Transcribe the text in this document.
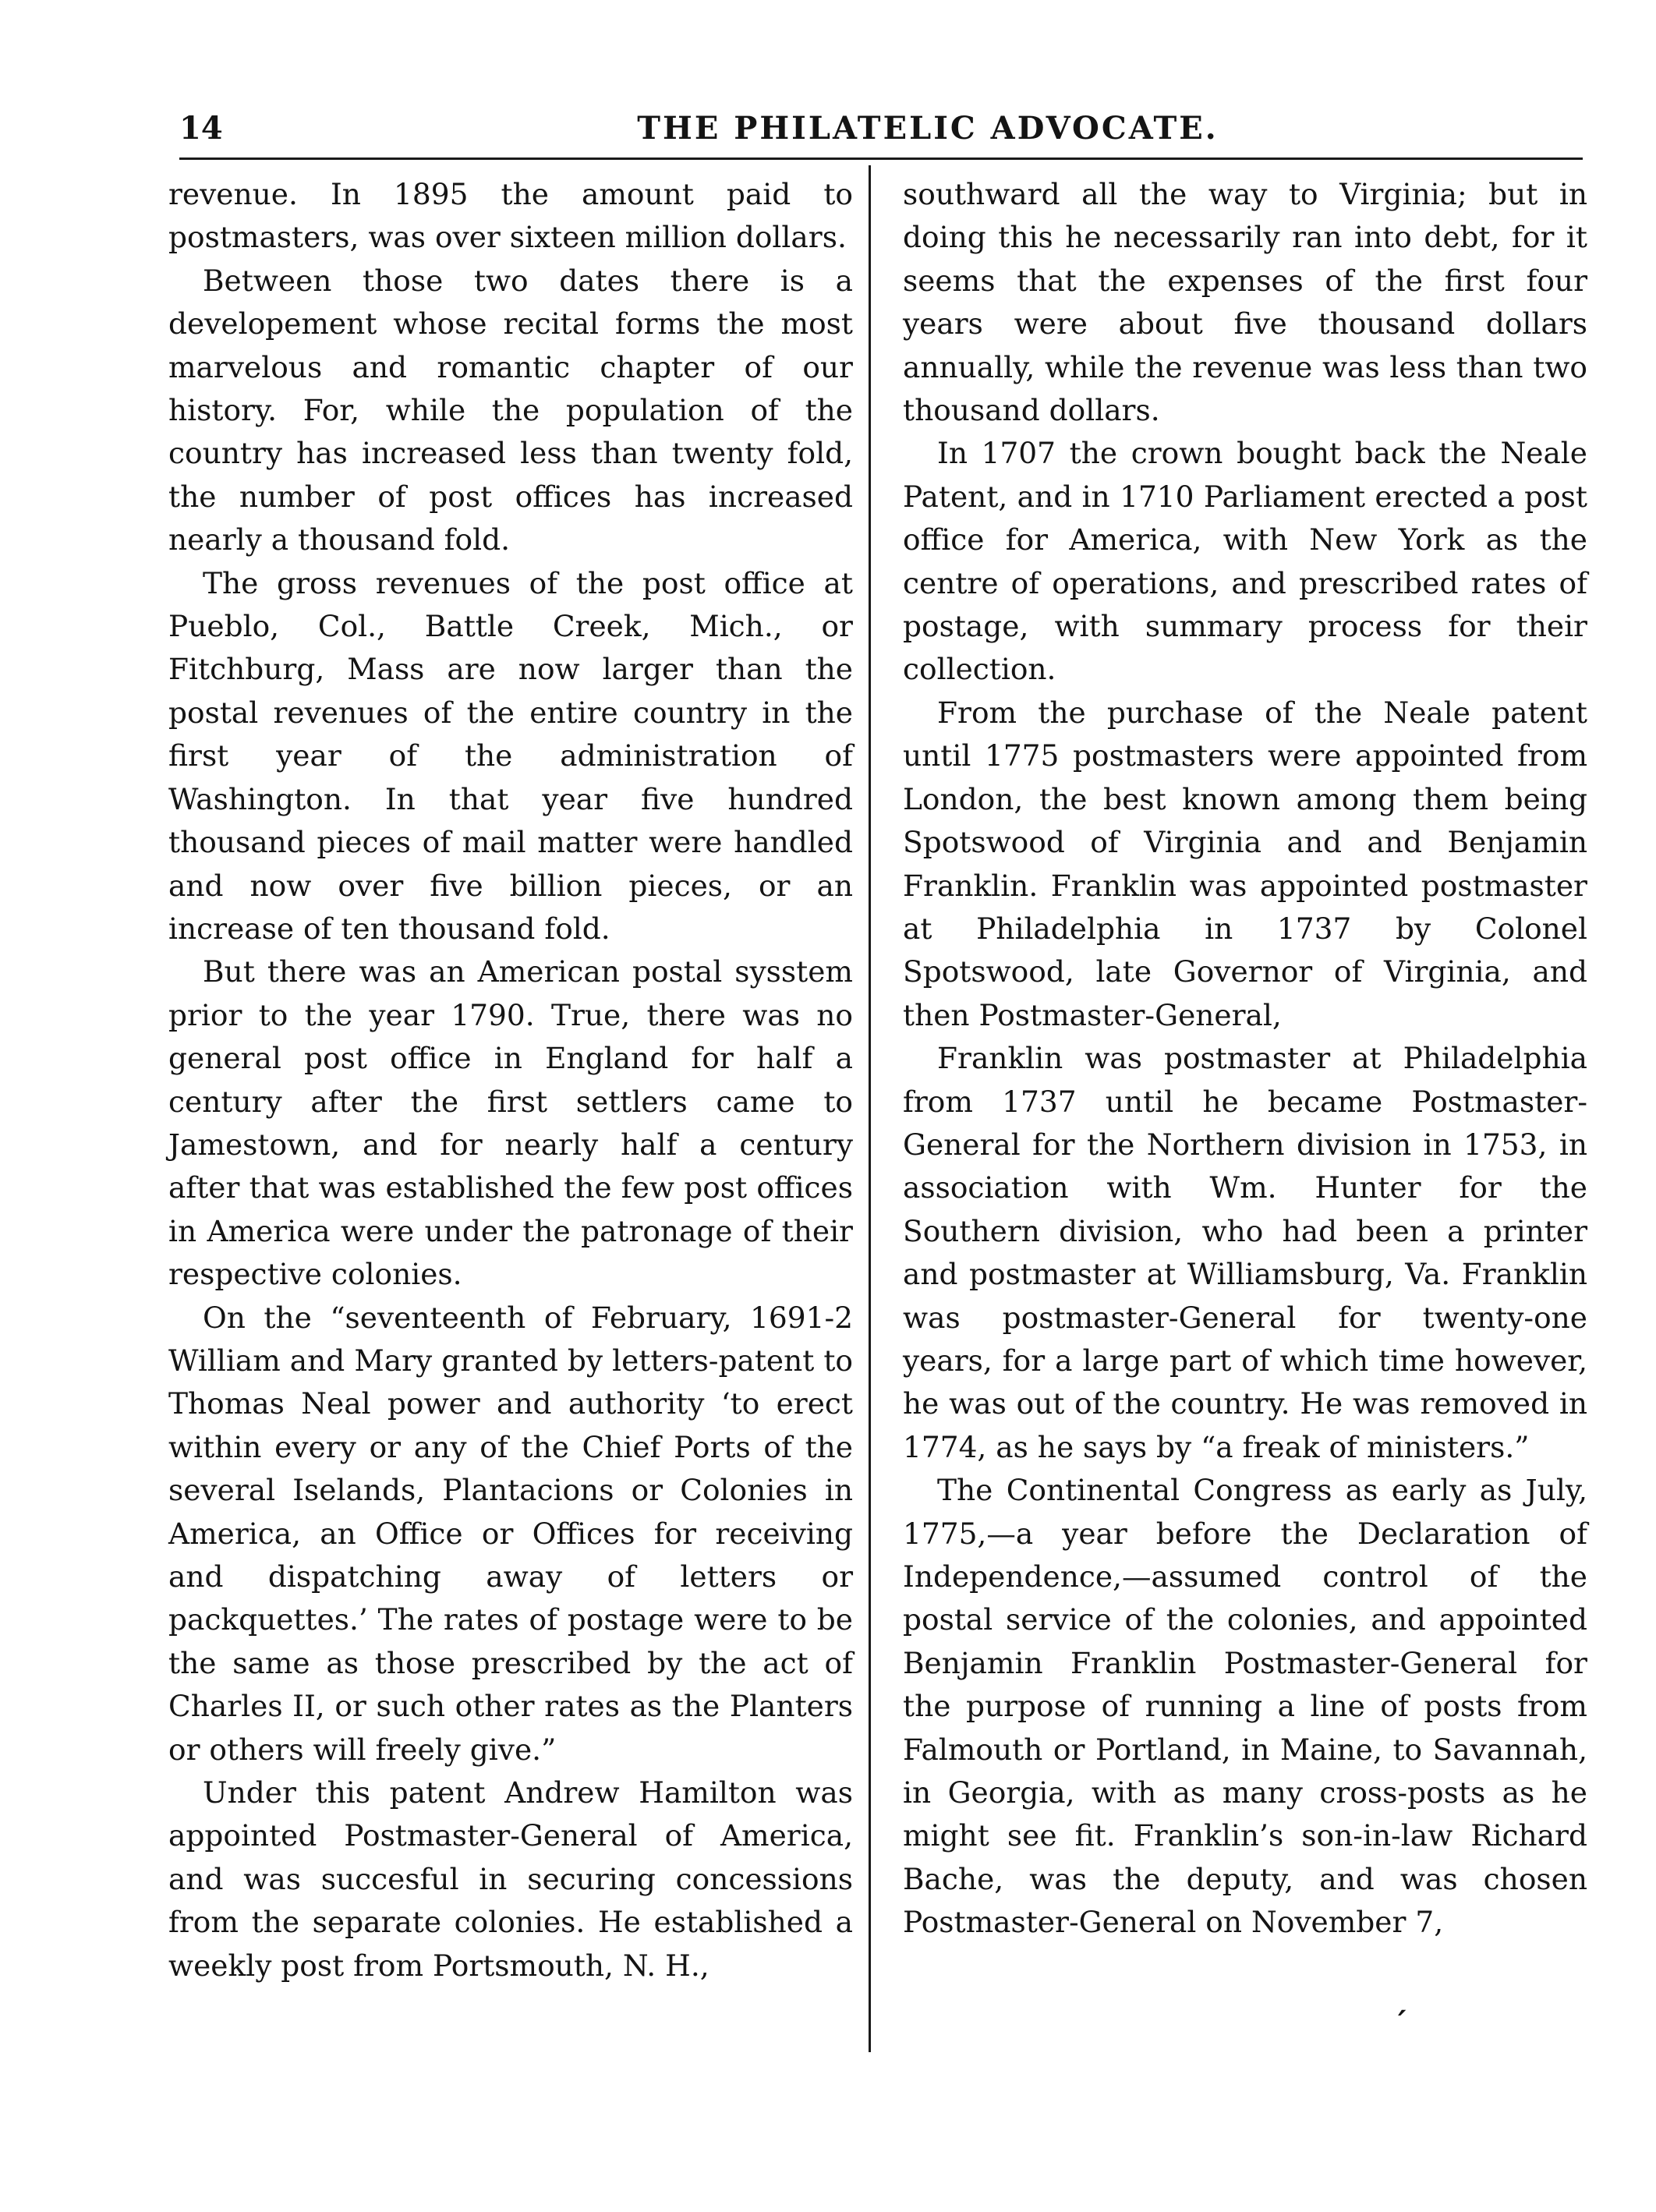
14	THE PHILATELIC ADVOCATE.

revenue. In 1895 the amount paid to postmasters, was over sixteen million dollars.

Between those two dates there is a developement whose recital forms the most marvelous and romantic chapter of our history. For, while the population of the country has increased less than twenty fold, the number of post offices has increased nearly a thousand fold.

The gross revenues of the post office at Pueblo, Col., Battle Creek, Mich., or Fitchburg, Mass are now larger than the postal revenues of the entire country in the first year of the administration of Washington. In that year five hundred thousand pieces of mail matter were handled and now over five billion pieces, or an increase of ten thousand fold.

But there was an American postal sysstem prior to the year 1790. True, there was no general post office in England for half a century after the first settlers came to Jamestown, and for nearly half a century after that was established the few post offices in America were under the patronage of their respective colonies.

On the “seventeenth of February, 1691-2 William and Mary granted by letters-patent to Thomas Neal power and authority ‘to erect within every or any of the Chief Ports of the several Iselands, Plantacions or Colonies in America, an Office or Offices for receiving and dispatching away of letters or packquettes.’ The rates of postage were to be the same as those prescribed by the act of Charles II, or such other rates as the Planters or others will freely give.”

Under this patent Andrew Hamilton was appointed Postmaster-General of America, and was succesful in securing concessions from the separate colonies. He established a weekly post from Portsmouth, N. H.,

southward all the way to Virginia; but in doing this he necessarily ran into debt, for it seems that the expenses of the first four years were about five thousand dollars annually, while the revenue was less than two thousand dollars.

In 1707 the crown bought back the Neale Patent, and in 1710 Parliament erected a post office for America, with New York as the centre of operations, and prescribed rates of postage, with summary process for their collection.

From the purchase of the Neale patent until 1775 postmasters were appointed from London, the best known among them being Spotswood of Virginia and and Benjamin Franklin. Franklin was appointed postmaster at Philadelphia in 1737 by Colonel Spotswood, late Governor of Virginia, and then Postmaster-General,

Franklin was postmaster at Philadelphia from 1737 until he became Postmaster-General for the Northern division in 1753, in association with Wm. Hunter for the Southern division, who had been a printer and postmaster at Williamsburg, Va. Franklin was postmaster-General for twenty-one years, for a large part of which time however, he was out of the country. He was removed in 1774, as he says by “a freak of ministers.”

The Continental Congress as early as July, 1775,—a year before the Declaration of Independence,—assumed control of the postal service of the colonies, and appointed Benjamin Franklin Postmaster-General for the purpose of running a line of posts from Falmouth or Portland, in Maine, to Savannah, in Georgia, with as many cross-posts as he might see fit. Franklin’s son-in-law Richard Bache, was the deputy, and was chosen Postmaster-General on November 7,

′
